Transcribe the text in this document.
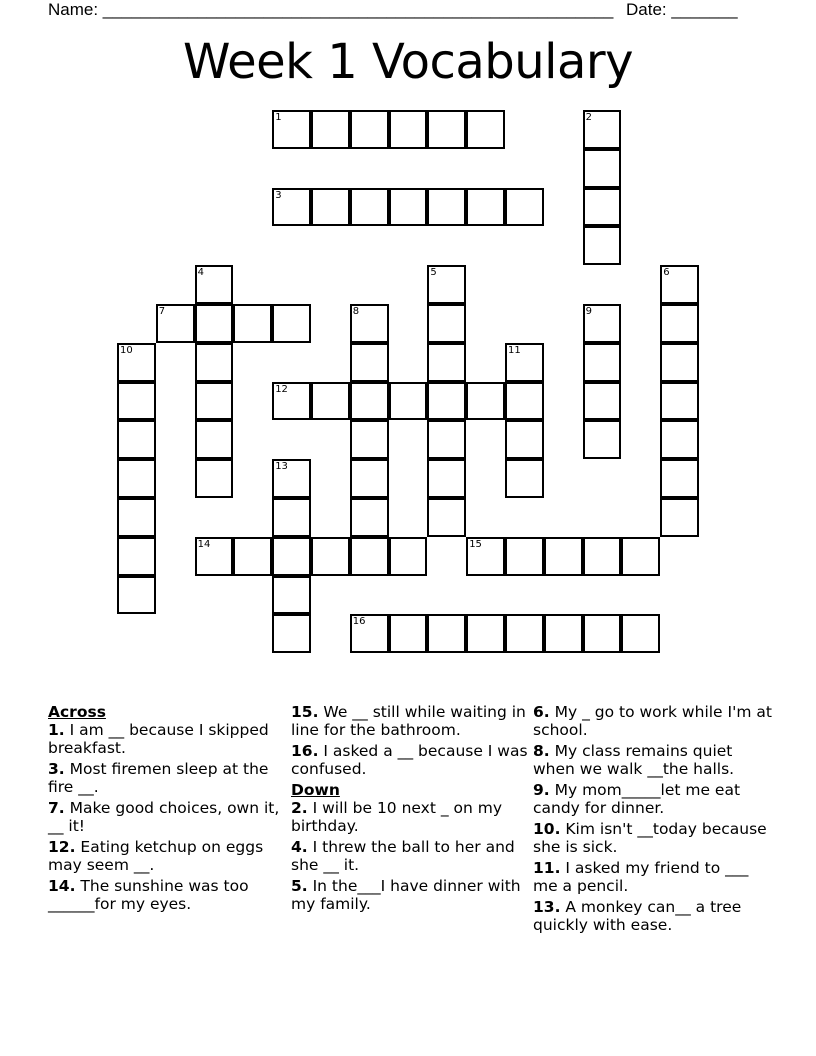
Name: ______________________________________________________ Date: _______
Week 1 Vocabulary
1	2
3
4	5	6
7	8	9
10	11
12
13
14	15
16
Across
1. I am __ because I skipped breakfast.
3. Most firemen sleep at the fire __.
7. Make good choices, own it, __ it!
12. Eating ketchup on eggs may seem __.
14. The sunshine was too ______for my eyes.
15. We __ still while waiting in line for the bathroom.
16. I asked a __ because I was confused.
Down
2. I will be 10 next _ on my birthday.
4. I threw the ball to her and she __ it.
5. In the___I have dinner with my family.
6. My _ go to work while I'm at school.
8. My class remains quiet when we walk __the halls.
9. My mom_____let me eat candy for dinner.
10. Kim isn't __today because she is sick.
11. I asked my friend to ___ me a pencil.
13. A monkey can__ a tree quickly with ease.
